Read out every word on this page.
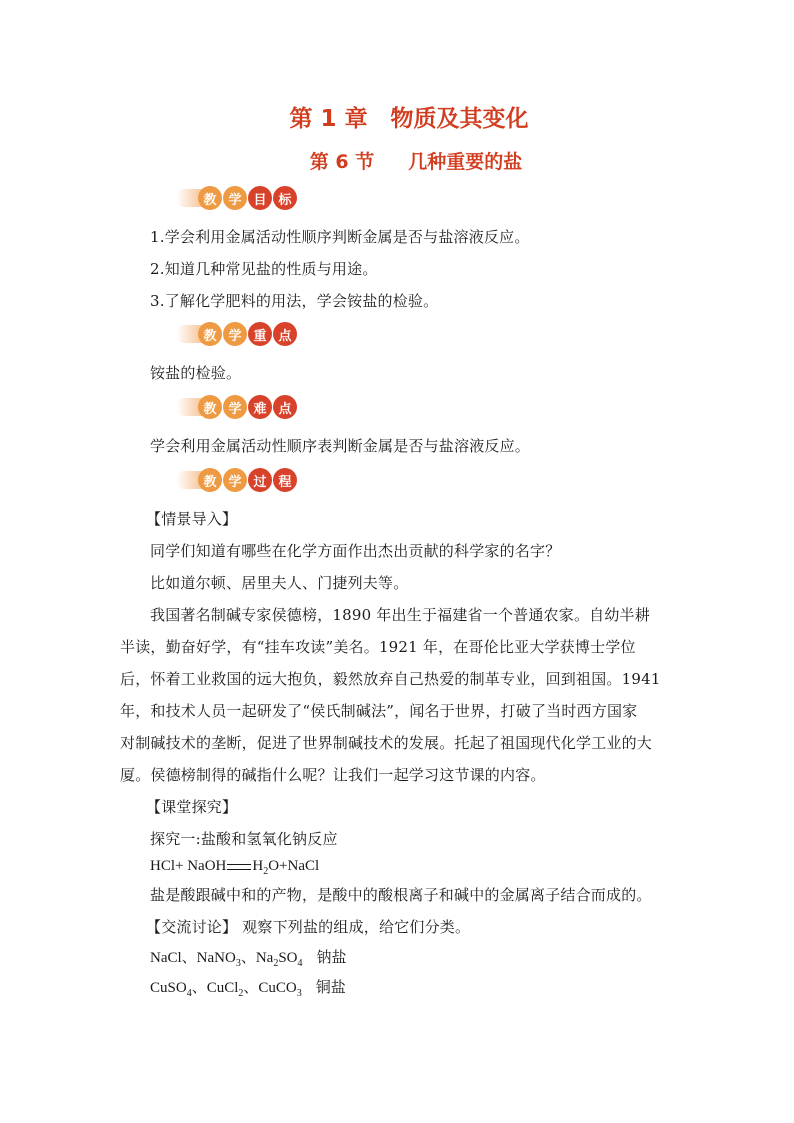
第 1 章　物质及其变化
第 6 节 几种重要的盐
教 学 目 标
1.学会利用金属活动性顺序判断金属是否与盐溶液反应。
2.知道几种常见盐的性质与用途。
3.了解化学肥料的用法，学会铵盐的检验。
教 学 重 点
铵盐的检验。
教 学 难 点
学会利用金属活动性顺序表判断金属是否与盐溶液反应。
教 学 过 程
【情景导入】
同学们知道有哪些在化学方面作出杰出贡献的科学家的名字？
比如道尔顿、居里夫人、门捷列夫等。
我国著名制碱专家侯德榜，1890 年出生于福建省一个普通农家。自幼半耕
半读，勤奋好学，有“挂车攻读”美名。1921 年，在哥伦比亚大学获博士学位
后，怀着工业救国的远大抱负，毅然放弃自己热爱的制革专业，回到祖国。1941
年，和技术人员一起研发了“侯氏制碱法”，闻名于世界，打破了当时西方国家
对制碱技术的垄断，促进了世界制碱技术的发展。托起了祖国现代化学工业的大
厦。侯德榜制得的碱指什么呢？让我们一起学习这节课的内容。
【课堂探究】
探究一:盐酸和氢氧化钠反应
HCl+ NaOH $H_2O+NaCl$
盐是酸跟碱中和的产物，是酸中的酸根离子和碱中的金属离子结合而成的。
【交流讨论】 观察下列盐的组成，给它们分类。
NaCl、NaNO$_3$、$Na_2SO_4$ 钠盐
CuSO$_4$、CuCl$_2$、CuCO$_3$ 铜盐
